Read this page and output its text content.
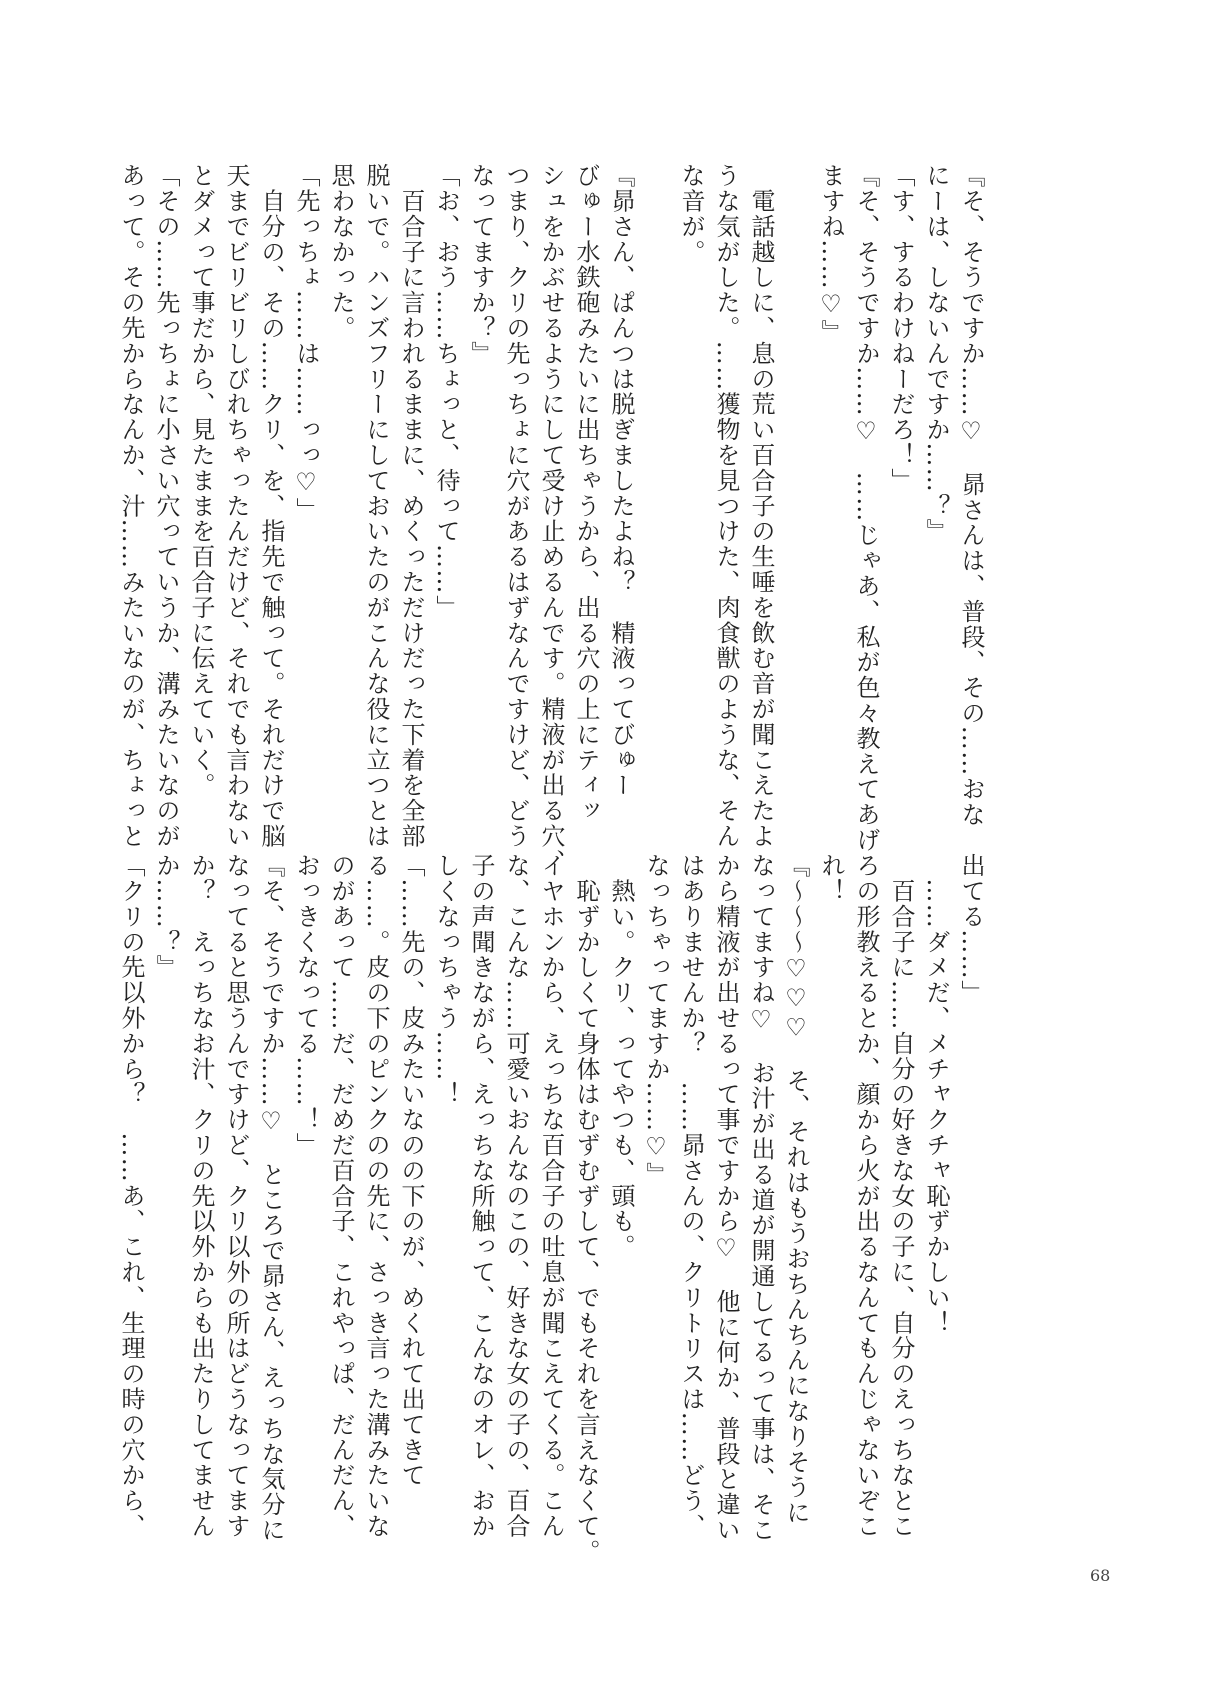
『そ、そうですか……♡　昴さんは、普段、その……おな
にーは、しないんですか……？』
「す、するわけねーだろ！」
『そ、そうですか……♡　……じゃあ、私が色々教えてあげ
ますね……♡』
　電話越しに、息の荒い百合子の生唾を飲む音が聞こえたよ
うな気がした。……獲物を見つけた、肉食獣のような、そん
な音が。
『昴さん、ぱんつは脱ぎましたよね？　精液ってびゅー
びゅー水鉄砲みたいに出ちゃうから、出る穴の上にティッ
シュをかぶせるようにして受け止めるんです。精液が出る穴、
つまり、クリの先っちょに穴があるはずなんですけど、どう
なってますか？』
「お、おう……ちょっと、待って……」
　百合子に言われるままに、めくっただけだった下着を全部
脱いで。ハンズフリーにしておいたのがこんな役に立つとは
思わなかった。
「先っちょ……は……っっ♡」
　自分の、その……クリ、を、指先で触って。それだけで脳
天までビリビリしびれちゃったんだけど、それでも言わない
とダメって事だから、見たままを百合子に伝えていく。
「その……先っちょに小さい穴っていうか、溝みたいなのが
あって。その先からなんか、汁……みたいなのが、ちょっと
出てる……」
　……ダメだ、メチャクチャ恥ずかしい！
　百合子に……自分の好きな女の子に、自分のえっちなとこ
ろの形教えるとか、顔から火が出るなんてもんじゃないぞこ
れ！
『～～～♡♡♡　そ、それはもうおちんちんになりそうに
なってますね♡　お汁が出る道が開通してるって事は、そこ
から精液が出せるって事ですから♡　他に何か、普段と違い
はありませんか？　……昴さんの、クリトリスは……どう、
なっちゃってますか……♡』
　熱い。クリ、ってやつも、頭も。
　恥ずかしくて身体はむずむずして、でもそれを言えなくて。
イヤホンから、えっちな百合子の吐息が聞こえてくる。こん
な、こんな……可愛いおんなのこの、好きな女の子の、百合
子の声聞きながら、えっちな所触って、こんなのオレ、おか
しくなっちゃう……！
「……先の、皮みたいなのの下のが、めくれて出てきて
る……。皮の下のピンクのの先に、さっき言った溝みたいな
のがあって……だ、だめだ百合子、これやっぱ、だんだん、
おっきくなってる……！」
『そ、そうですか……♡　ところで昴さん、えっちな気分に
なってると思うんですけど、クリ以外の所はどうなってます
か？　えっちなお汁、クリの先以外からも出たりしてません
か……？』
「クリの先以外から？　……あ、これ、生理の時の穴から、
68
